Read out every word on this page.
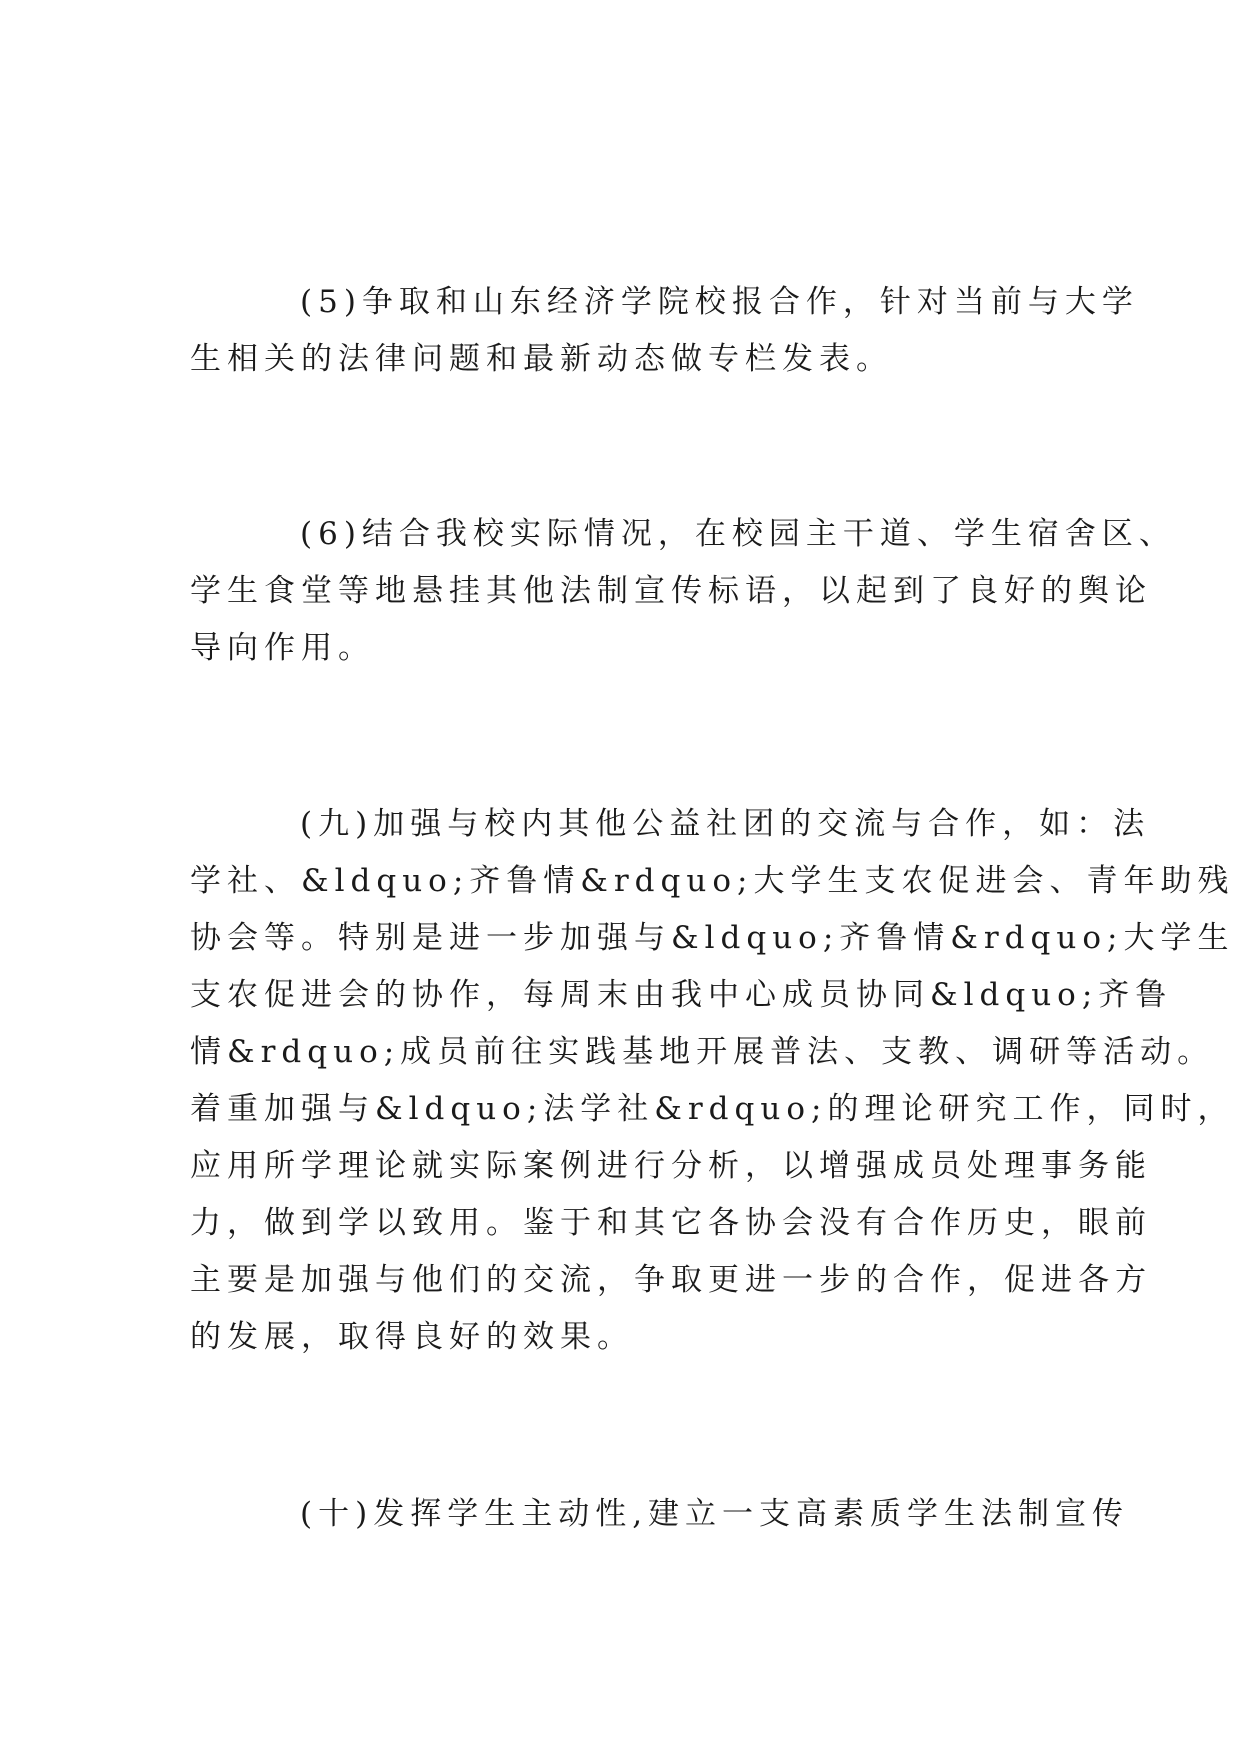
(5)争取和山东经济学院校报合作，针对当前与大学

生相关的法律问题和最新动态做专栏发表。

(6)结合我校实际情况，在校园主干道、学生宿舍区、

学生食堂等地悬挂其他法制宣传标语，以起到了良好的舆论

导向作用。

(九)加强与校内其他公益社团的交流与合作，如：法

学社、&ldquo;齐鲁情&rdquo;大学生支农促进会、青年助残

协会等。特别是进一步加强与&ldquo;齐鲁情&rdquo;大学生

支农促进会的协作，每周末由我中心成员协同&ldquo;齐鲁

情&rdquo;成员前往实践基地开展普法、支教、调研等活动。

着重加强与&ldquo;法学社&rdquo;的理论研究工作，同时，

应用所学理论就实际案例进行分析，以增强成员处理事务能

力，做到学以致用。鉴于和其它各协会没有合作历史，眼前

主要是加强与他们的交流，争取更进一步的合作，促进各方

的发展，取得良好的效果。

(十)发挥学生主动性,建立一支高素质学生法制宣传
